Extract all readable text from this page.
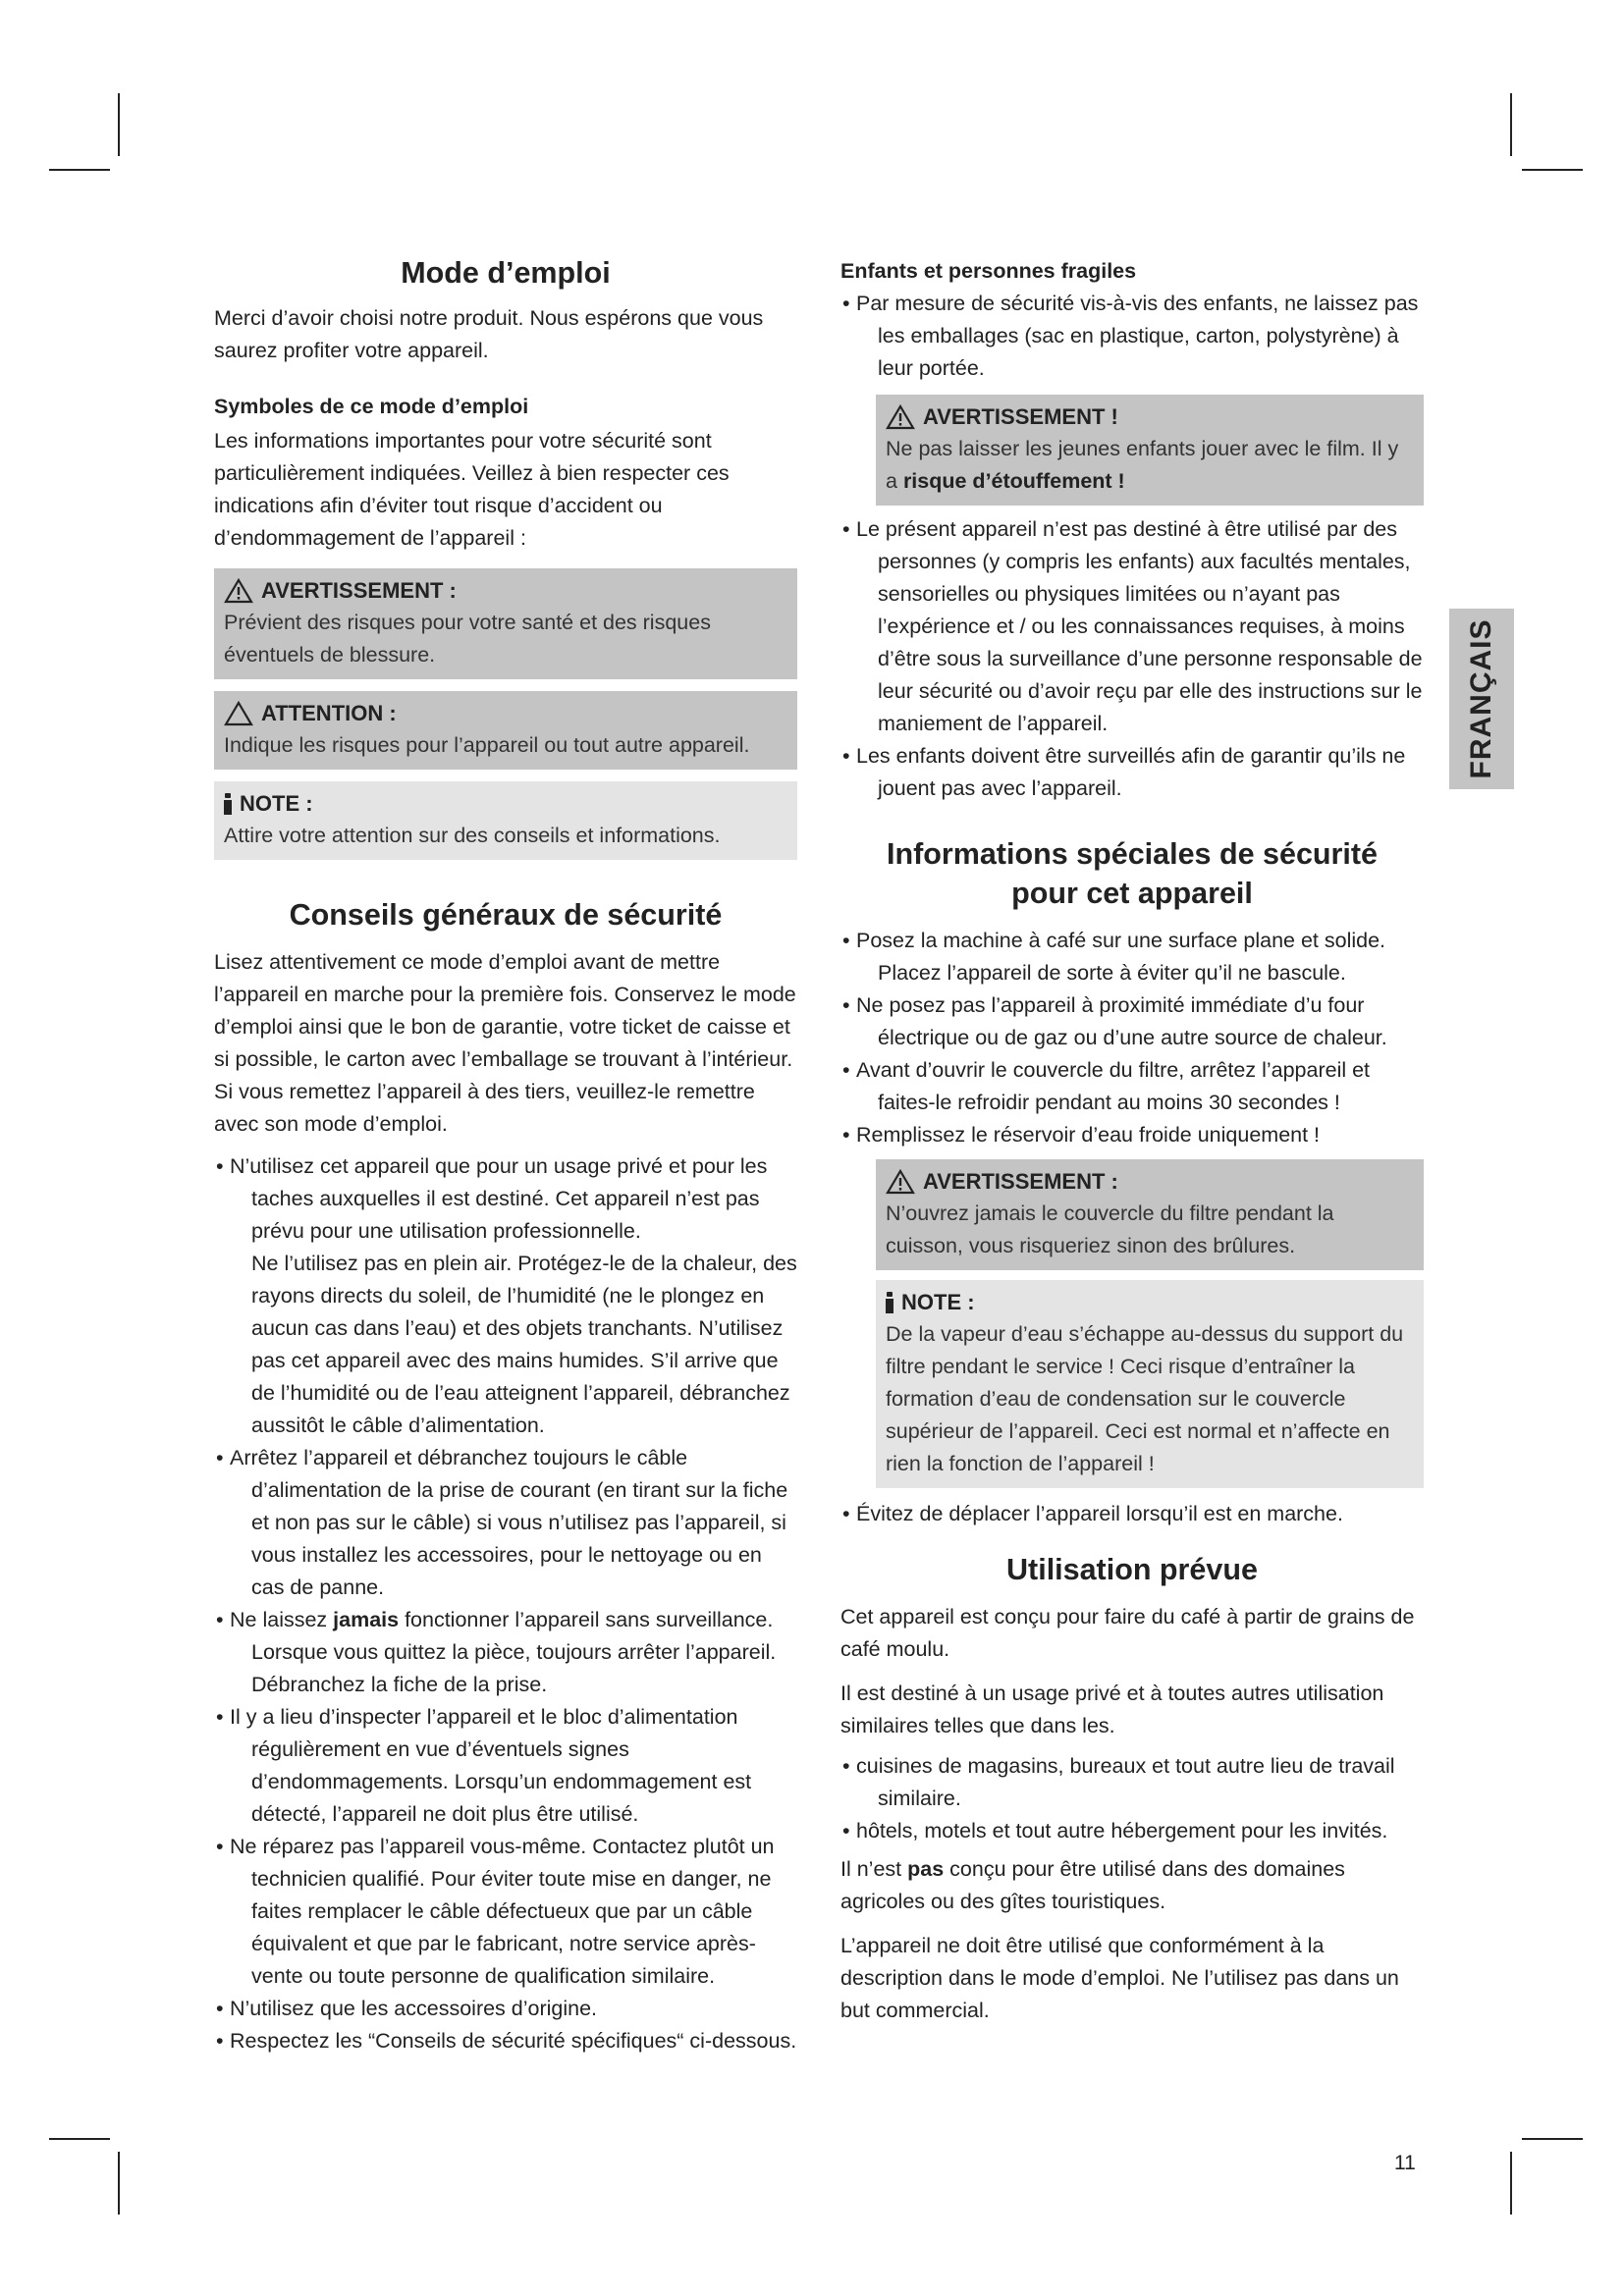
Mode d’emploi

Merci d’avoir choisi notre produit. Nous espérons que vous saurez profiter votre appareil.

Symboles de ce mode d’emploi

Les informations importantes pour votre sécurité sont particulièrement indiquées. Veillez à bien respecter ces indications afin d’éviter tout risque d’accident ou d’endommagement de l’appareil :

AVERTISSEMENT :

Prévient des risques pour votre santé et des risques éventuels de blessure.

ATTENTION :

Indique les risques pour l’appareil ou tout autre appareil.

NOTE :

Attire votre attention sur des conseils et informations.

Conseils généraux de sécurité

Lisez attentivement ce mode d’emploi avant de mettre l’appareil en marche pour la première fois. Conservez le mode d’emploi ainsi que le bon de garantie, votre ticket de caisse et si possible, le carton avec l’emballage se trouvant à l’intérieur. Si vous remettez l’appareil à des tiers, veuillez-le remettre avec son mode d’emploi.

• N’utilisez cet appareil que pour un usage privé et pour les taches auxquelles il est destiné. Cet appareil n’est pas prévu pour une utilisation professionnelle.
Ne l’utilisez pas en plein air. Protégez-le de la chaleur, des rayons directs du soleil, de l’humidité (ne le plongez en aucun cas dans l’eau) et des objets tranchants. N’utilisez pas cet appareil avec des mains humides. S’il arrive que de l’humidité ou de l’eau atteignent l’appareil, débranchez aussitôt le câble d’alimentation.
• Arrêtez l’appareil et débranchez toujours le câble d’alimentation de la prise de courant (en tirant sur la fiche et non pas sur le câble) si vous n’utilisez pas l’appareil, si vous installez les accessoires, pour le nettoyage ou en cas de panne.
• Ne laissez jamais fonctionner l’appareil sans surveillance. Lorsque vous quittez la pièce, toujours arrêter l’appareil. Débranchez la fiche de la prise.
• Il y a lieu d’inspecter l’appareil et le bloc d’alimentation régulièrement en vue d’éventuels signes d’endommagements. Lorsqu’un endommagement est détecté, l’appareil ne doit plus être utilisé.
• Ne réparez pas l’appareil vous-même. Contactez plutôt un technicien qualifié. Pour éviter toute mise en danger, ne faites remplacer le câble défectueux que par un câble équivalent et que par le fabricant, notre service après-vente ou toute personne de qualification similaire.
• N’utilisez que les accessoires d’origine.
• Respectez les “Conseils de sécurité spécifiques“ ci-dessous.
Enfants et personnes fragiles
• Par mesure de sécurité vis-à-vis des enfants, ne laissez pas les emballages (sac en plastique, carton, polystyrène) à leur portée.
AVERTISSEMENT !

Ne pas laisser les jeunes enfants jouer avec le film. Il y a risque d’étouffement !

• Le présent appareil n’est pas destiné à être utilisé par des personnes (y compris les enfants) aux facultés mentales, sensorielles ou physiques limitées ou n’ayant pas l’expérience et / ou les connaissances requises, à moins d’être sous la surveillance d’une personne responsable de leur sécurité ou d’avoir reçu par elle des instructions sur le maniement de l’appareil.
• Les enfants doivent être surveillés afin de garantir qu’ils ne jouent pas avec l’appareil.
Informations spéciales de sécurité
pour cet appareil
• Posez la machine à café sur une surface plane et solide. Placez l’appareil de sorte à éviter qu’il ne bascule.
• Ne posez pas l’appareil à proximité immédiate d’u four électrique ou de gaz ou d’une autre source de chaleur.
• Avant d’ouvrir le couvercle du filtre, arrêtez l’appareil et faites-le refroidir pendant au moins 30 secondes !
• Remplissez le réservoir d’eau froide uniquement !
AVERTISSEMENT :

N’ouvrez jamais le couvercle du filtre pendant la cuisson, vous risqueriez sinon des brûlures.

NOTE :

De la vapeur d’eau s’échappe au-dessus du support du filtre pendant le service ! Ceci risque d’entraîner la formation d’eau de condensation sur le couvercle supérieur de l’appareil. Ceci est normal et n’affecte en rien la fonction de l’appareil !

• Évitez de déplacer l’appareil lorsqu’il est en marche.
Utilisation prévue

Cet appareil est conçu pour faire du café à partir de grains de café moulu.

Il est destiné à un usage privé et à toutes autres utilisation similaires telles que dans les.

• cuisines de magasins, bureaux et tout autre lieu de travail similaire.
• hôtels, motels et tout autre hébergement pour les invités.

Il n’est pas conçu pour être utilisé dans des domaines agricoles ou des gîtes touristiques.

L’appareil ne doit être utilisé que conformément à la description dans le mode d’emploi. Ne l’utilisez pas dans un but commercial.

FRANÇAIS
11
